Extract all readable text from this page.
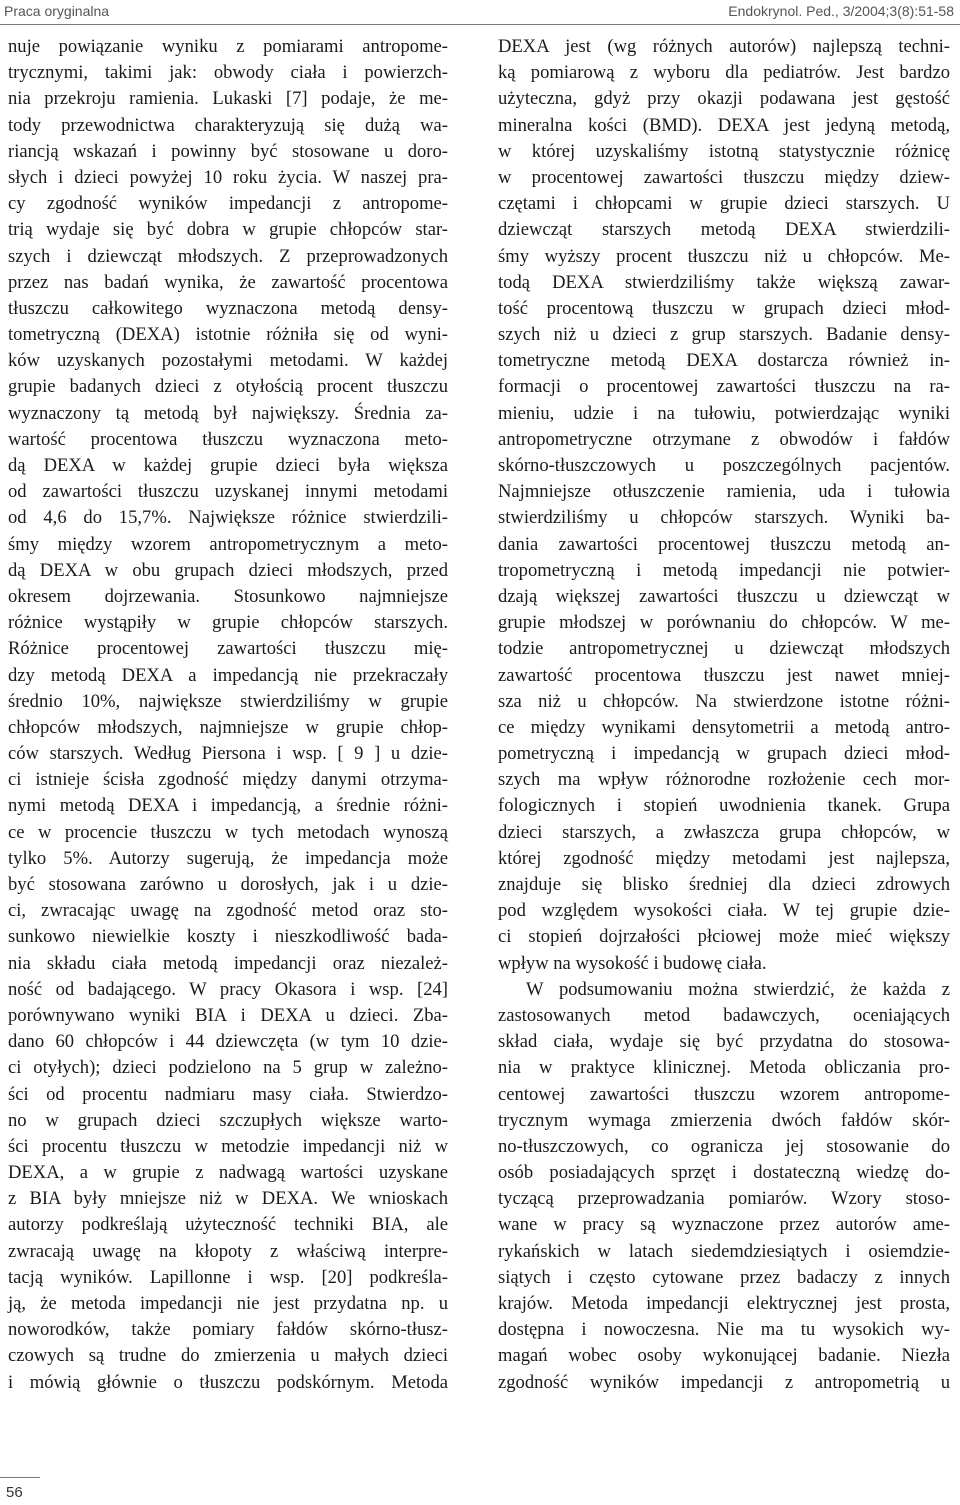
Praca oryginalna	Endokrynol. Ped., 3/2004;3(8):51-58
nuje powiązanie wyniku z pomiarami antropome-
trycznymi, takimi jak: obwody ciała i powierzch-
nia przekroju ramienia. Lukaski [7] podaje, że me-
tody przewodnictwa charakteryzują się dużą wa-
riancją wskazań i powinny być stosowane u doro-
słych i dzieci powyżej 10 roku życia. W naszej pra-
cy zgodność wyników impedancji z antropome-
trią wydaje się być dobra w grupie chłopców star-
szych i dziewcząt młodszych. Z przeprowadzonych
przez nas badań wynika, że zawartość procentowa
tłuszczu całkowitego wyznaczona metodą densy-
tometryczną (DEXA) istotnie różniła się od wyni-
ków uzyskanych pozostałymi metodami. W każdej
grupie badanych dzieci z otyłością procent tłuszczu
wyznaczony tą metodą był największy. Średnia za-
wartość procentowa tłuszczu wyznaczona meto-
dą DEXA w każdej grupie dzieci była większa
od zawartości tłuszczu uzyskanej innymi metodami
od 4,6 do 15,7%. Największe różnice stwierdzili-
śmy między wzorem antropometrycznym a meto-
dą DEXA w obu grupach dzieci młodszych, przed
okresem dojrzewania. Stosunkowo najmniejsze
różnice wystąpiły w grupie chłopców starszych.
Różnice procentowej zawartości tłuszczu mię-
dzy metodą DEXA a impedancją nie przekraczały
średnio 10%, największe stwierdziliśmy w grupie
chłopców młodszych, najmniejsze w grupie chłop-
ców starszych. Według Piersona i wsp. [ 9 ] u dzie-
ci istnieje ścisła zgodność między danymi otrzyma-
nymi metodą DEXA i impedancją, a średnie różni-
ce w procencie tłuszczu w tych metodach wynoszą
tylko 5%. Autorzy sugerują, że impedancja może
być stosowana zarówno u dorosłych, jak i u dzie-
ci, zwracając uwagę na zgodność metod oraz sto-
sunkowo niewielkie koszty i nieszkodliwość bada-
nia składu ciała metodą impedancji oraz niezależ-
ność od badającego. W pracy Okasora i wsp. [24]
porównywano wyniki BIA i DEXA u dzieci. Zba-
dano 60 chłopców i 44 dziewczęta (w tym 10 dzie-
ci otyłych); dzieci podzielono na 5 grup w zależno-
ści od procentu nadmiaru masy ciała. Stwierdzo-
no w grupach dzieci szczupłych większe warto-
ści procentu tłuszczu w metodzie impedancji niż w
DEXA, a w grupie z nadwagą wartości uzyskane
z BIA były mniejsze niż w DEXA. We wnioskach
autorzy podkreślają użyteczność techniki BIA, ale
zwracają uwagę na kłopoty z właściwą interpre-
tacją wyników. Lapillonne i wsp. [20] podkreśla-
ją, że metoda impedancji nie jest przydatna np. u
noworodków, także pomiary fałdów skórno-tłusz-
czowych są trudne do zmierzenia u małych dzieci
i mówią głównie o tłuszczu podskórnym. Metoda
DEXA jest (wg różnych autorów) najlepszą techni-
ką pomiarową z wyboru dla pediatrów. Jest bardzo
użyteczna, gdyż przy okazji podawana jest gęstość
mineralna kości (BMD). DEXA jest jedyną metodą,
w której uzyskaliśmy istotną statystycznie różnicę
w procentowej zawartości tłuszczu między dziew-
czętami i chłopcami w grupie dzieci starszych. U
dziewcząt starszych metodą DEXA stwierdzili-
śmy wyższy procent tłuszczu niż u chłopców. Me-
todą DEXA stwierdziliśmy także większą zawar-
tość procentową tłuszczu w grupach dzieci młod-
szych niż u dzieci z grup starszych. Badanie densy-
tometryczne metodą DEXA dostarcza również in-
formacji o procentowej zawartości tłuszczu na ra-
mieniu, udzie i na tułowiu, potwierdzając wyniki
antropometryczne otrzymane z obwodów i fałdów
skórno-tłuszczowych u poszczególnych pacjentów.
Najmniejsze otłuszczenie ramienia, uda i tułowia
stwierdziliśmy u chłopców starszych. Wyniki ba-
dania zawartości procentowej tłuszczu metodą an-
tropometryczną i metodą impedancji nie potwier-
dzają większej zawartości tłuszczu u dziewcząt w
grupie młodszej w porównaniu do chłopców. W me-
todzie antropometrycznej u dziewcząt młodszych
zawartość procentowa tłuszczu jest nawet mniej-
sza niż u chłopców. Na stwierdzone istotne różni-
ce między wynikami densytometrii a metodą antro-
pometryczną i impedancją w grupach dzieci młod-
szych ma wpływ różnorodne rozłożenie cech mor-
fologicznych i stopień uwodnienia tkanek. Grupa
dzieci starszych, a zwłaszcza grupa chłopców, w
której zgodność między metodami jest najlepsza,
znajduje się blisko średniej dla dzieci zdrowych
pod względem wysokości ciała. W tej grupie dzie-
ci stopień dojrzałości płciowej może mieć większy
wpływ na wysokość i budowę ciała.
W podsumowaniu można stwierdzić, że każda z
zastosowanych metod badawczych, oceniających
skład ciała, wydaje się być przydatna do stosowa-
nia w praktyce klinicznej. Metoda obliczania pro-
centowej zawartości tłuszczu wzorem antropome-
trycznym wymaga zmierzenia dwóch fałdów skór-
no-tłuszczowych, co ogranicza jej stosowanie do
osób posiadających sprzęt i dostateczną wiedzę do-
tyczącą przeprowadzania pomiarów. Wzory stoso-
wane w pracy są wyznaczone przez autorów ame-
rykańskich w latach siedemdziesiątych i osiemdzie-
siątych i często cytowane przez badaczy z innych
krajów. Metoda impedancji elektrycznej jest prosta,
dostępna i nowoczesna. Nie ma tu wysokich wy-
magań wobec osoby wykonującej badanie. Niezła
zgodność wyników impedancji z antropometrią u
56
